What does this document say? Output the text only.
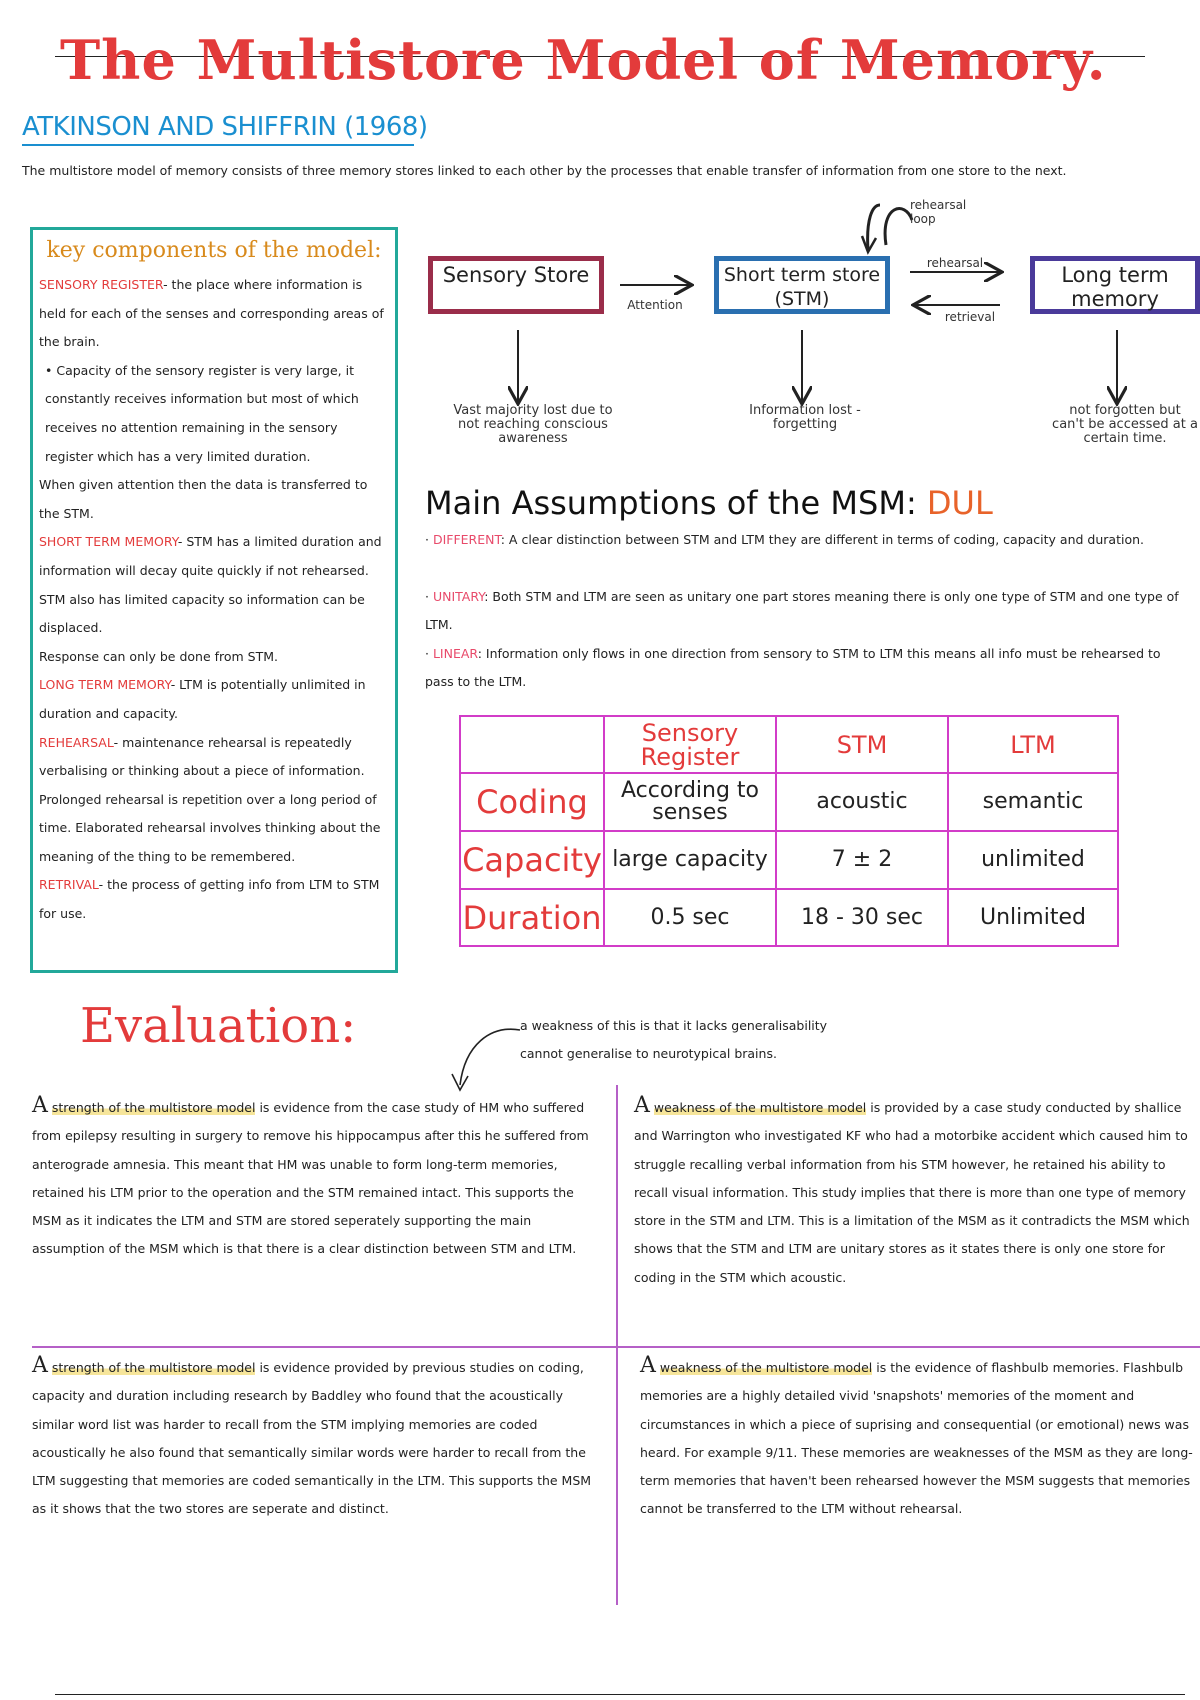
The Multistore Model of Memory.
ATKINSON AND SHIFFRIN (1968)
The multistore model of memory consists of three memory stores linked to each other by the processes that enable transfer of information from one store to the next.
key components of the model:

SENSORY REGISTER- the place where information is held for each of the senses and corresponding areas of the brain.

• Capacity of the sensory register is very large, it constantly receives information but most of which receives no attention remaining in the sensory register which has a very limited duration.

When given attention then the data is transferred to the STM.

SHORT TERM MEMORY- STM has a limited duration and information will decay quite quickly if not rehearsed. STM also has limited capacity so information can be displaced.

Response can only be done from STM.

LONG TERM MEMORY- LTM is potentially unlimited in duration and capacity.

REHEARSAL- maintenance rehearsal is repeatedly verbalising or thinking about a piece of information. Prolonged rehearsal is repetition over a long period of time. Elaborated rehearsal involves thinking about the meaning of the thing to be remembered.

RETRIVAL- the process of getting info from LTM to STM for use.

Sensory Store	Short term store (STM)
Long term memory
Attention
rehearsal loop
rehearsal
retrieval
Vast majority lost due to not reaching conscious awareness
Information lost - forgetting
not forgotten but can't be accessed at a certain time.
Main Assumptions of the MSM: DUL

· DIFFERENT: A clear distinction between STM and LTM they are different in terms of coding, capacity and duration.

· UNITARY: Both STM and LTM are seen as unitary one part stores meaning there is only one type of STM and one type of LTM.

· LINEAR: Information only flows in one direction from sensory to STM to LTM this means all info must be rehearsed to pass to the LTM.

	Sensory Register	STM	LTM
Coding	According to senses	acoustic	semantic
Capacity	large capacity	7 ± 2	unlimited
Duration	0.5 sec	18 - 30 sec	Unlimited
Evaluation:	a weakness of this is that it lacks generalisability cannot generalise to neurotypical brains.

A strength of the multistore model is evidence from the case study of HM who suffered from epilepsy resulting in surgery to remove his hippocampus after this he suffered from anterograde amnesia. This meant that HM was unable to form long-term memories, retained his LTM prior to the operation and the STM remained intact. This supports the MSM as it indicates the LTM and STM are stored seperately supporting the main assumption of the MSM which is that there is a clear distinction between STM and LTM.

A weakness of the multistore model is provided by a case study conducted by shallice and Warrington who investigated KF who had a motorbike accident which caused him to struggle recalling verbal information from his STM however, he retained his ability to recall visual information. This study implies that there is more than one type of memory store in the STM and LTM. This is a limitation of the MSM as it contradicts the MSM which shows that the STM and LTM are unitary stores as it states there is only one store for coding in the STM which acoustic.

A strength of the multistore model is evidence provided by previous studies on coding, capacity and duration including research by Baddley who found that the acoustically similar word list was harder to recall from the STM implying memories are coded acoustically he also found that semantically similar words were harder to recall from the LTM suggesting that memories are coded semantically in the LTM. This supports the MSM as it shows that the two stores are seperate and distinct.

A weakness of the multistore model is the evidence of flashbulb memories. Flashbulb memories are a highly detailed vivid 'snapshots' memories of the moment and circumstances in which a piece of suprising and consequential (or emotional) news was heard. For example 9/11. These memories are weaknesses of the MSM as they are long-term memories that haven't been rehearsed however the MSM suggests that memories cannot be transferred to the LTM without rehearsal.
